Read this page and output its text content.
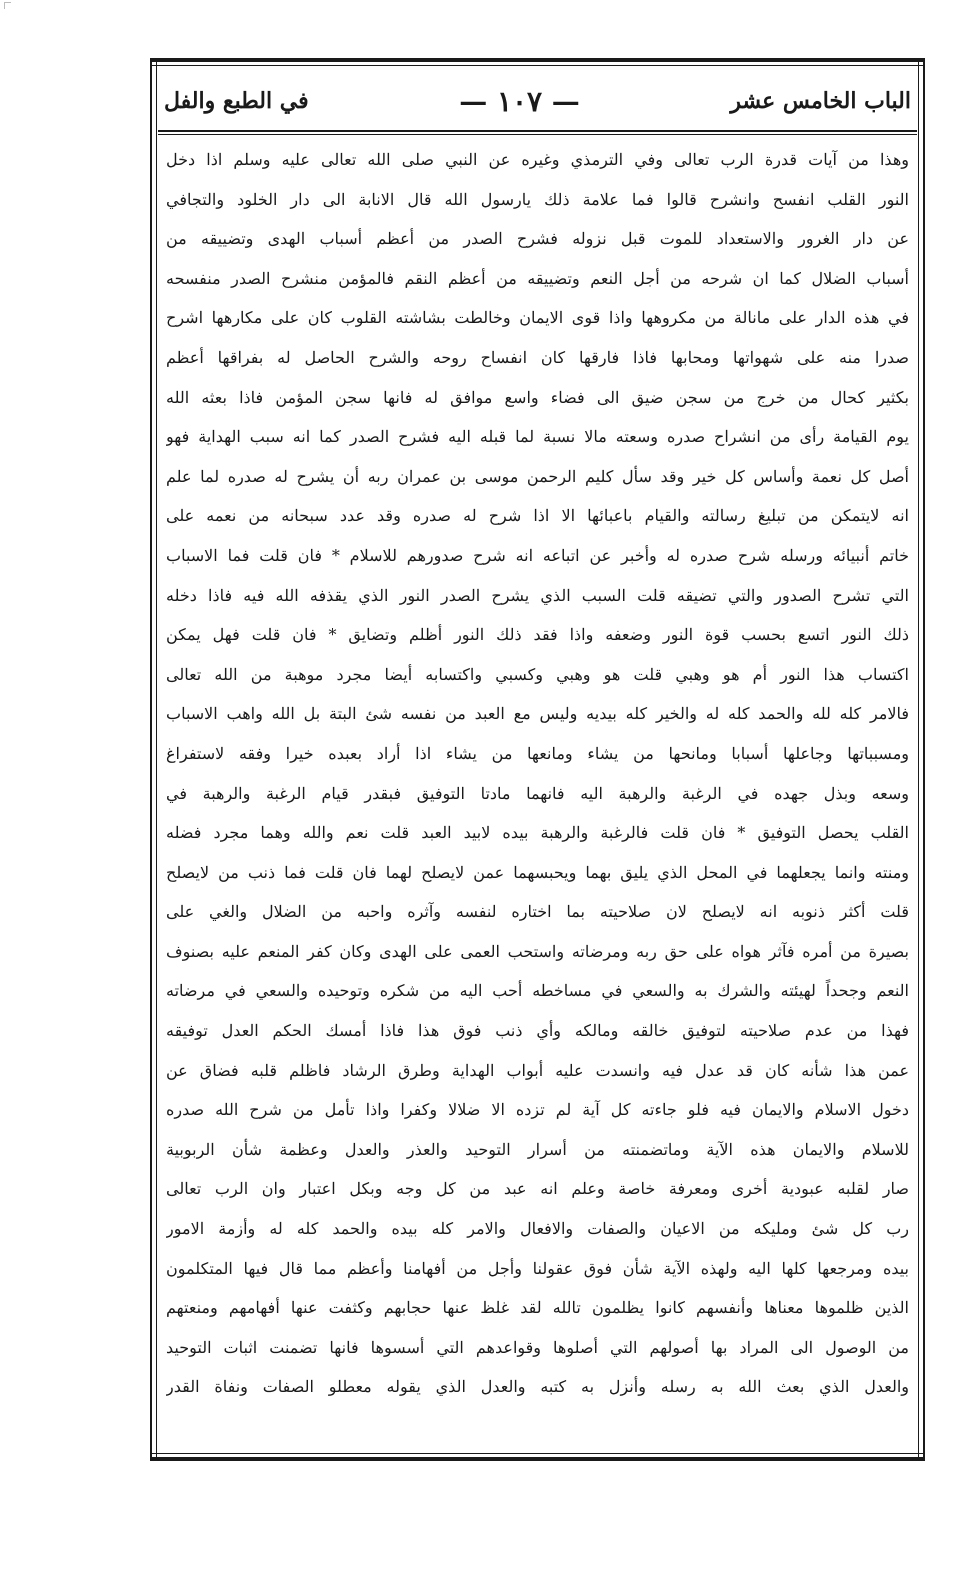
الباب الخامس عشر
— ١٠٧ —
في الطبع والفل
وهذا من آيات قدرة الرب تعالى وفي الترمذي وغيره عن النبي صلى الله تعالى عليه وسلم اذا دخل
النور القلب انفسح وانشرح قالوا فما علامة ذلك يارسول الله قال الانابة الى دار الخلود والتجافي
عن دار الغرور والاستعداد للموت قبل نزوله فشرح الصدر من أعظم أسباب الهدى وتضييقه من
أسباب الضلال كما ان شرحه من أجل النعم وتضييقه من أعظم النقم فالمؤمن منشرح الصدر منفسحه
في هذه الدار على مانالة من مكروهها واذا قوى الايمان وخالطت بشاشته القلوب كان على مكارهها اشرح
صدرا منه على شهواتها ومحابها فاذا فارقها كان انفساح روحه والشرح الحاصل له بفراقها أعظم
بكثير كحال من خرج من سجن ضيق الى فضاء واسع موافق له فانها سجن المؤمن فاذا بعثه الله
يوم القيامة رأى من انشراح صدره وسعته مالا نسبة لما قبله اليه فشرح الصدر كما انه سبب الهداية فهو
أصل كل نعمة وأساس كل خير وقد سأل كليم الرحمن موسى بن عمران ربه أن يشرح له صدره لما علم
انه لايتمكن من تبليغ رسالته والقيام باعبائها الا اذا شرح له صدره وقد عدد سبحانه من نعمه على
خاتم أنبيائه ورسله شرح صدره له وأخبر عن اتباعه انه شرح صدورهم للاسلام * فان قلت فما الاسباب
التي تشرح الصدور والتي تضيقه قلت السبب الذي يشرح الصدر النور الذي يقذفه الله فيه فاذا دخله
ذلك النور اتسع بحسب قوة النور وضعفه واذا فقد ذلك النور أظلم وتضايق * فان قلت فهل يمكن
اكتساب هذا النور أم هو وهبي قلت هو وهبي وكسبي واكتسابه أيضا مجرد موهبة من الله تعالى
فالامر كله لله والحمد كله له والخير كله بيديه وليس مع العبد من نفسه شئ البتة بل الله واهب الاسباب
ومسبباتها وجاعلها أسبابا ومانحها من يشاء ومانعها من يشاء اذا أراد بعبده خيرا وفقه لاستفراغ
وسعه وبذل جهده في الرغبة والرهبة اليه فانهما مادتا التوفيق فبقدر قيام الرغبة والرهبة في
القلب يحصل التوفيق * فان قلت فالرغبة والرهبة بيده لابيد العبد قلت نعم والله وهما مجرد فضله
ومنته وانما يجعلهما في المحل الذي يليق بهما ويحبسهما عمن لايصلح لهما فان قلت فما ذنب من لايصلح
قلت أكثر ذنوبه انه لايصلح لان صلاحيته بما اختاره لنفسه وآثره واحبه من الضلال والغي على
بصيرة من أمره فآثر هواه على حق ربه ومرضاته واستحب العمى على الهدى وكان كفر المنعم عليه بصنوف
النعم وجحداً لهيئته والشرك به والسعي في مساخطه أحب اليه من شكره وتوحيده والسعي في مرضاته
فهذا من عدم صلاحيته لتوفيق خالقه ومالكه وأي ذنب فوق هذا فاذا أمسك الحكم العدل توفيقه
عمن هذا شأنه كان قد عدل فيه وانسدت عليه أبواب الهداية وطرق الرشاد فاظلم قلبه فضاق عن
دخول الاسلام والايمان فيه فلو جاءته كل آية لم تزده الا ضلالا وكفرا واذا تأمل من شرح الله صدره
للاسلام والايمان هذه الآية وماتضمنته من أسرار التوحيد والعذر والعدل وعظمة شأن الربوبية
صار لقلبه عبودية أخرى ومعرفة خاصة وعلم انه عبد من كل وجه وبكل اعتبار وان الرب تعالى
رب كل شئ ومليكه من الاعيان والصفات والافعال والامر كله بيده والحمد كله له وأزمة الامور
بيده ومرجعها كلها اليه ولهذه الآية شأن فوق عقولنا وأجل من أفهامنا وأعظم مما قال فيها المتكلمون
الذين ظلموها معناها وأنفسهم كانوا يظلمون تالله لقد غلظ عنها حجابهم وكثفت عنها أفهامهم ومنعتهم
من الوصول الى المراد بها أصولهم التي أصلوها وقواعدهم التي أسسوها فانها تضمنت اثبات التوحيد
والعدل الذي بعث الله به رسله وأنزل به كتبه والعدل الذي يقوله معطلو الصفات ونفاة القدر
